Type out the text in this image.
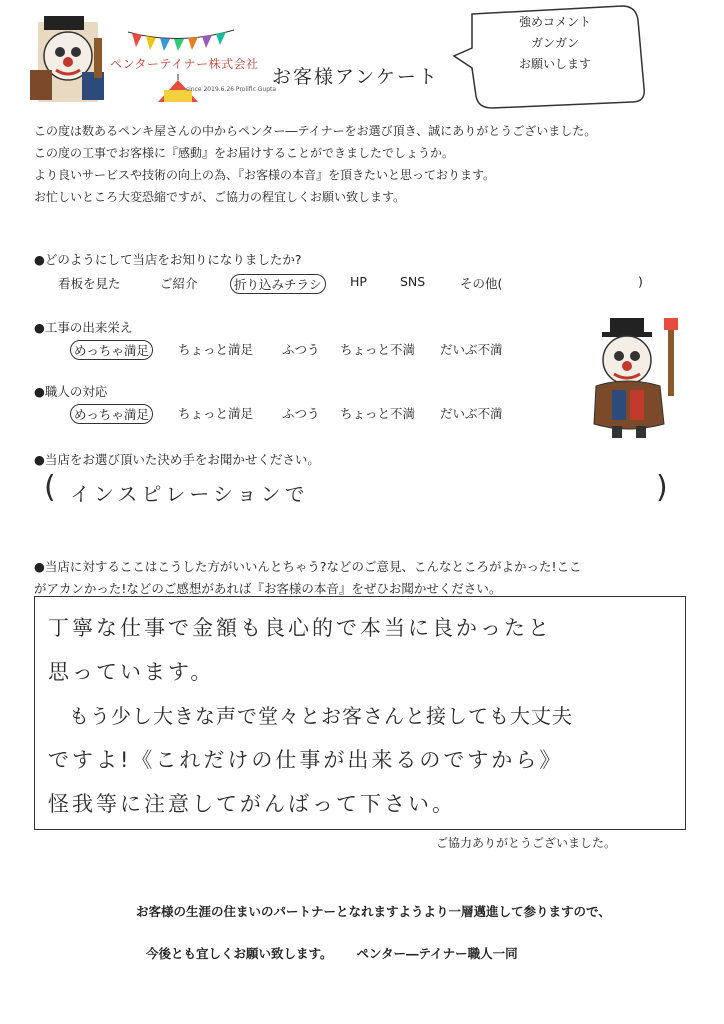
ペンターテイナー株式会社
since 2019.6.26 Prolific Gupta
お客様アンケート
強めコメント
ガンガン
お願いします
この度は数あるペンキ屋さんの中からペンター―テイナーをお選び頂き、誠にありがとうございました。
この度の工事でお客様に『感動』をお届けすることができましたでしょうか。
より良いサービスや技術の向上の為、『お客様の本音』を頂きたいと思っております。
お忙しいところ大変恐縮ですが、ご協力の程宜しくお願い致します。
●どのようにして当店をお知りになりましたか?
看板を見た	ご紹介	折り込みチラシ	HP	SNS	その他(	)
●工事の出来栄え
めっちゃ満足	ちょっと満足 ふつう ちょっと不満 だいぶ不満
●職人の対応
めっちゃ満足	ちょっと満足 ふつう ちょっと不満 だいぶ不満
●当店をお選び頂いた決め手をお聞かせください。
( インスピレーションで	)
●当店に対するここはこうした方がいいんとちゃう?などのご意見、こんなところがよかった!ここ
がアカンかった!などのご感想があれば『お客様の本音』をぜひお聞かせください。
丁寧な仕事で金額も良心的で本当に良かったと
思っています。
　もう少し大きな声で堂々とお客さんと接しても大丈夫
ですよ!《これだけの仕事が出来るのですから》
怪我等に注意してがんばって下さい。
ご協力ありがとうございました。
お客様の生涯の住まいのパートナーとなれますようより一層邁進して参りますので、
今後とも宜しくお願い致します。 ペンター―テイナー職人一同
